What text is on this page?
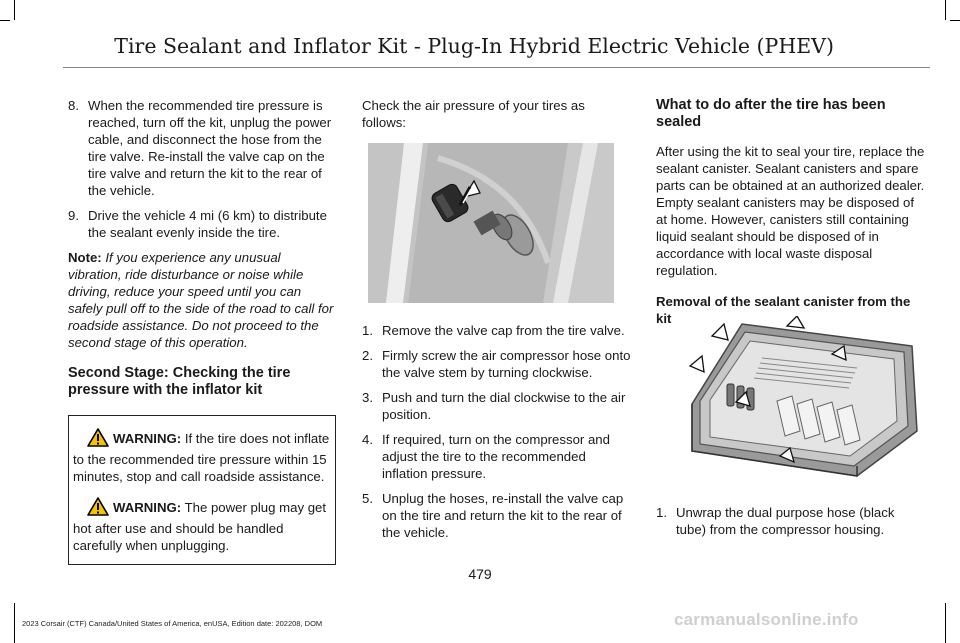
Tire Sealant and Inflator Kit - Plug-In Hybrid Electric Vehicle (PHEV)
8. When the recommended tire pressure is reached, turn off the kit, unplug the power cable, and disconnect the hose from the tire valve. Re-install the valve cap on the tire valve and return the kit to the rear of the vehicle.
9. Drive the vehicle 4 mi (6 km) to distribute the sealant evenly inside the tire.

Note: If you experience any unusual vibration, ride disturbance or noise while driving, reduce your speed until you can safely pull off to the side of the road to call for roadside assistance. Do not proceed to the second stage of this operation.

Second Stage: Checking the tire pressure with the inflator kit
WARNING: If the tire does not inflate to the recommended tire pressure within 15 minutes, stop and call roadside assistance.
WARNING: The power plug may get hot after use and should be handled carefully when unplugging.

Check the air pressure of your tires as follows:

1. Remove the valve cap from the tire valve.
2. Firmly screw the air compressor hose onto the valve stem by turning clockwise.
3. Push and turn the dial clockwise to the air position.
4. If required, turn on the compressor and adjust the tire to the recommended inflation pressure.
5. Unplug the hoses, re-install the valve cap on the tire and return the kit to the rear of the vehicle.
What to do after the tire has been sealed

After using the kit to seal your tire, replace the sealant canister. Sealant canisters and spare parts can be obtained at an authorized dealer. Empty sealant canisters may be disposed of at home. However, canisters still containing liquid sealant should be disposed of in accordance with local waste disposal regulation.

Removal of the sealant canister from the kit
1. Unwrap the dual purpose hose (black tube) from the compressor housing.
479
2023 Corsair (CTF) Canada/United States of America, enUSA, Edition date: 202208, DOM	carmanualsonline.info
